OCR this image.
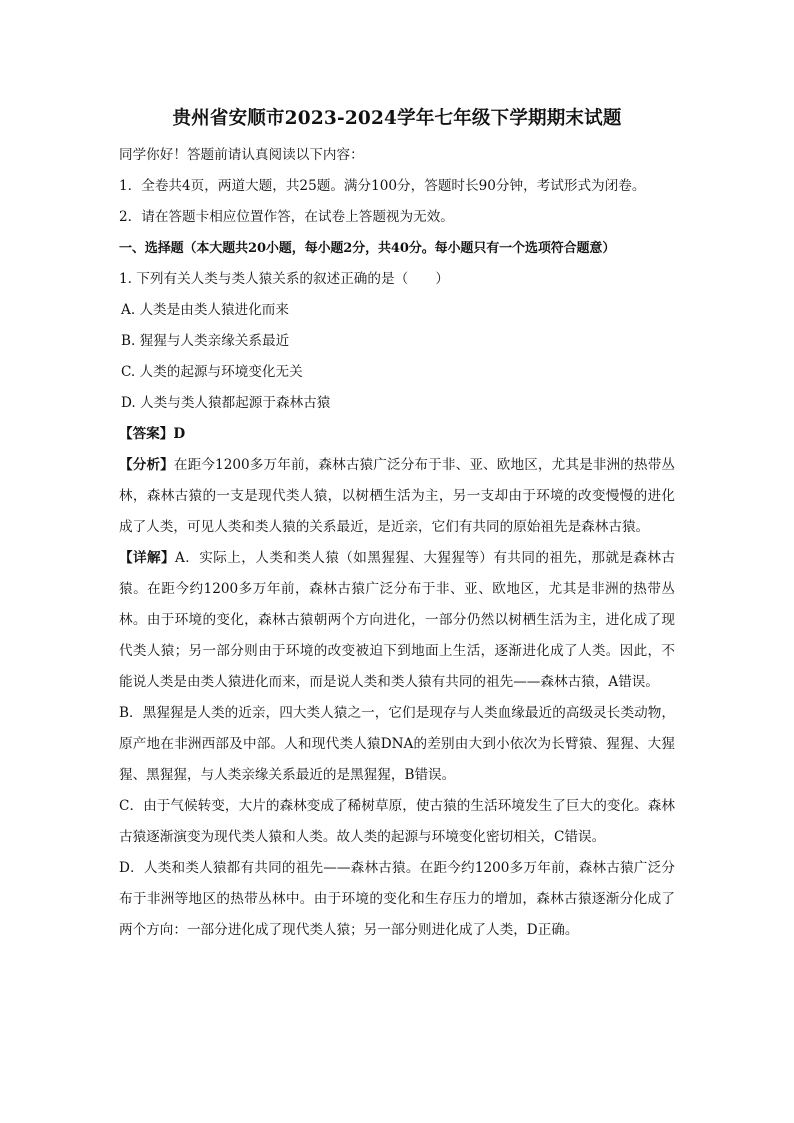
贵州省安顺市2023-2024学年七年级下学期期末试题
同学你好！答题前请认真阅读以下内容：
1．全卷共4页，两道大题，共25题。满分100分，答题时长90分钟，考试形式为闭卷。
2．请在答题卡相应位置作答，在试卷上答题视为无效。
一、选择题（本大题共20小题，每小题2分，共40分。每小题只有一个选项符合题意）
1. 下列有关人类与类人猿关系的叙述正确的是（　　）
A. 人类是由类人猿进化而来
B. 猩猩与人类亲缘关系最近
C. 人类的起源与环境变化无关
D. 人类与类人猿都起源于森林古猿
【答案】D
【分析】在距今1200多万年前，森林古猿广泛分布于非、亚、欧地区，尤其是非洲的热带丛林，森林古猿的一支是现代类人猿，以树栖生活为主，另一支却由于环境的改变慢慢的进化成了人类，可见人类和类人猿的关系最近，是近亲，它们有共同的原始祖先是森林古猿。
【详解】A．实际上，人类和类人猿（如黑猩猩、大猩猩等）有共同的祖先，那就是森林古猿。在距今约1200多万年前，森林古猿广泛分布于非、亚、欧地区，尤其是非洲的热带丛林。由于环境的变化，森林古猿朝两个方向进化，一部分仍然以树栖生活为主，进化成了现代类人猿；另一部分则由于环境的改变被迫下到地面上生活，逐渐进化成了人类。因此，不能说人类是由类人猿进化而来，而是说人类和类人猿有共同的祖先——森林古猿，A错误。
B．黑猩猩是人类的近亲，四大类人猿之一，它们是现存与人类血缘最近的高级灵长类动物，原产地在非洲西部及中部。人和现代类人猿DNA的差别由大到小依次为长臂猿、猩猩、大猩猩、黑猩猩，与人类亲缘关系最近的是黑猩猩，B错误。
C．由于气候转变，大片的森林变成了稀树草原，使古猿的生活环境发生了巨大的变化。森林古猿逐渐演变为现代类人猿和人类。故人类的起源与环境变化密切相关，C错误。
D．人类和类人猿都有共同的祖先——森林古猿。在距今约1200多万年前，森林古猿广泛分布于非洲等地区的热带丛林中。由于环境的变化和生存压力的增加，森林古猿逐渐分化成了两个方向：一部分进化成了现代类人猿；另一部分则进化成了人类，D正确。
